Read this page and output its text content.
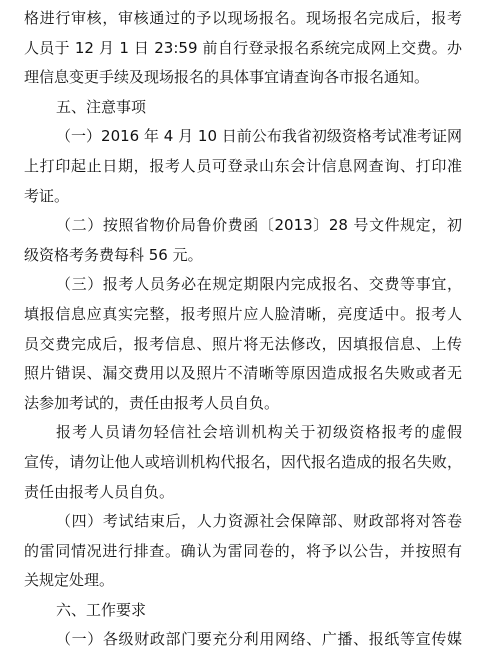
格进行审核，审核通过的予以现场报名。现场报名完成后，报考
人员于 12 月 1 日 23:59 前自行登录报名系统完成网上交费。办
理信息变更手续及现场报名的具体事宜请查询各市报名通知。
五、注意事项
（一）2016 年 4 月 10 日前公布我省初级资格考试准考证网
上打印起止日期，报考人员可登录山东会计信息网查询、打印准
考证。
（二）按照省物价局鲁价费函〔2013〕28 号文件规定，初
级资格考务费每科 56 元。
（三）报考人员务必在规定期限内完成报名、交费等事宜，
填报信息应真实完整，报考照片应人脸清晰，亮度适中。报考人
员交费完成后，报考信息、照片将无法修改，因填报信息、上传
照片错误、漏交费用以及照片不清晰等原因造成报名失败或者无
法参加考试的，责任由报考人员自负。
报考人员请勿轻信社会培训机构关于初级资格报考的虚假
宣传，请勿让他人或培训机构代报名，因代报名造成的报名失败，
责任由报考人员自负。
（四）考试结束后，人力资源社会保障部、财政部将对答卷
的雷同情况进行排查。确认为雷同卷的，将予以公告，并按照有
关规定处理。
六、工作要求
（一）各级财政部门要充分利用网络、广播、报纸等宣传媒
